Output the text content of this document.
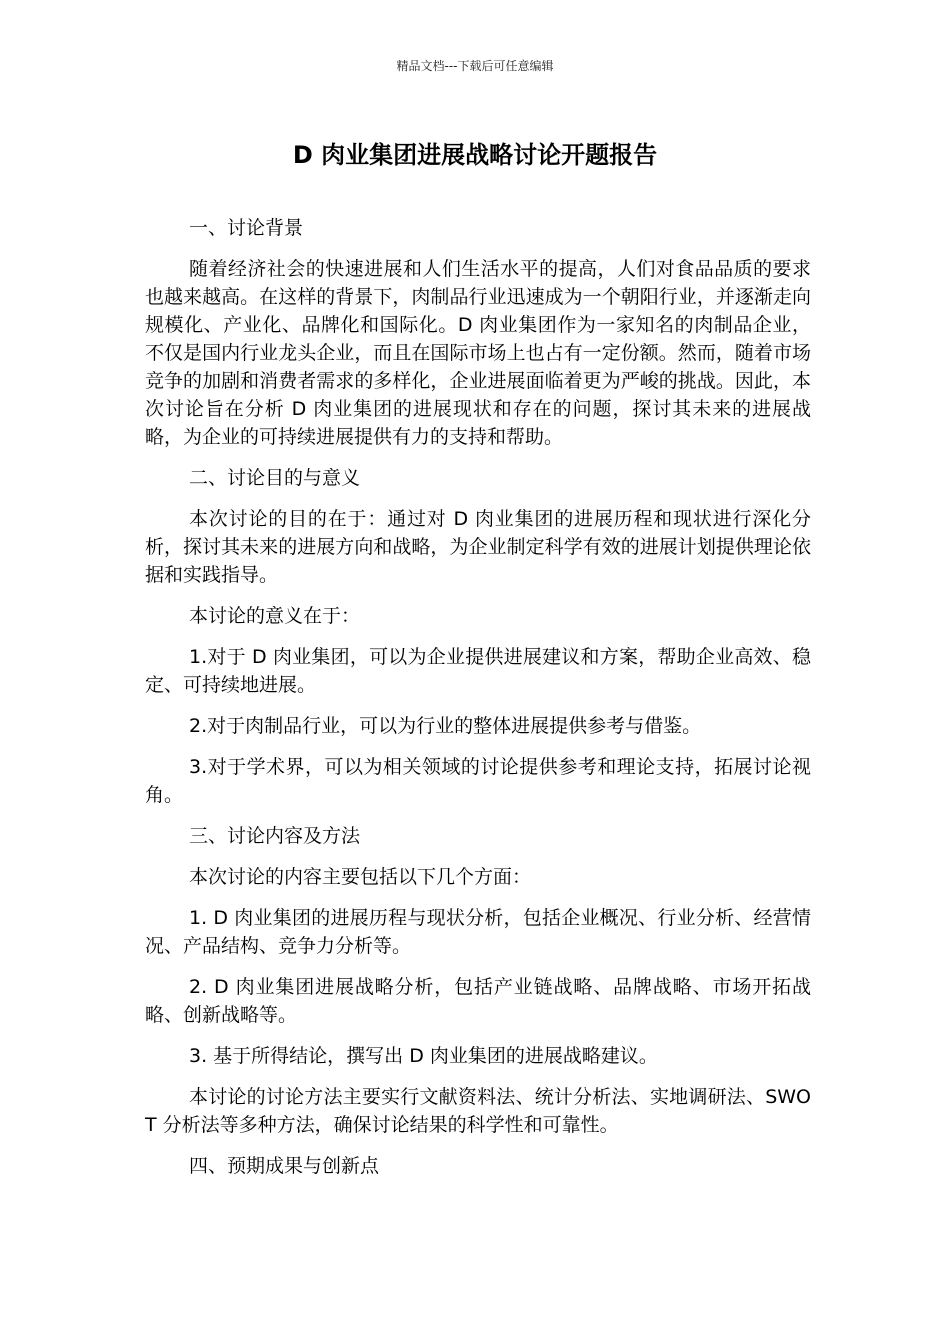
精品文档---下载后可任意编辑
D 肉业集团进展战略讨论开题报告

一、讨论背景

随着经济社会的快速进展和人们生活水平的提高，人们对食品品质的要求也越来越高。在这样的背景下，肉制品行业迅速成为一个朝阳行业，并逐渐走向规模化、产业化、品牌化和国际化。D 肉业集团作为一家知名的肉制品企业，不仅是国内行业龙头企业，而且在国际市场上也占有一定份额。然而，随着市场竞争的加剧和消费者需求的多样化，企业进展面临着更为严峻的挑战。因此，本次讨论旨在分析 D 肉业集团的进展现状和存在的问题，探讨其未来的进展战略，为企业的可持续进展提供有力的支持和帮助。

二、讨论目的与意义

本次讨论的目的在于：通过对 D 肉业集团的进展历程和现状进行深化分析，探讨其未来的进展方向和战略，为企业制定科学有效的进展计划提供理论依据和实践指导。

本讨论的意义在于：

1.对于 D 肉业集团，可以为企业提供进展建议和方案，帮助企业高效、稳定、可持续地进展。

2.对于肉制品行业，可以为行业的整体进展提供参考与借鉴。

3.对于学术界，可以为相关领域的讨论提供参考和理论支持，拓展讨论视角。

三、讨论内容及方法

本次讨论的内容主要包括以下几个方面：

1. D 肉业集团的进展历程与现状分析，包括企业概况、行业分析、经营情况、产品结构、竞争力分析等。

2. D 肉业集团进展战略分析，包括产业链战略、品牌战略、市场开拓战略、创新战略等。

3. 基于所得结论，撰写出 D 肉业集团的进展战略建议。

本讨论的讨论方法主要实行文献资料法、统计分析法、实地调研法、SWOT 分析法等多种方法，确保讨论结果的科学性和可靠性。

四、预期成果与创新点
